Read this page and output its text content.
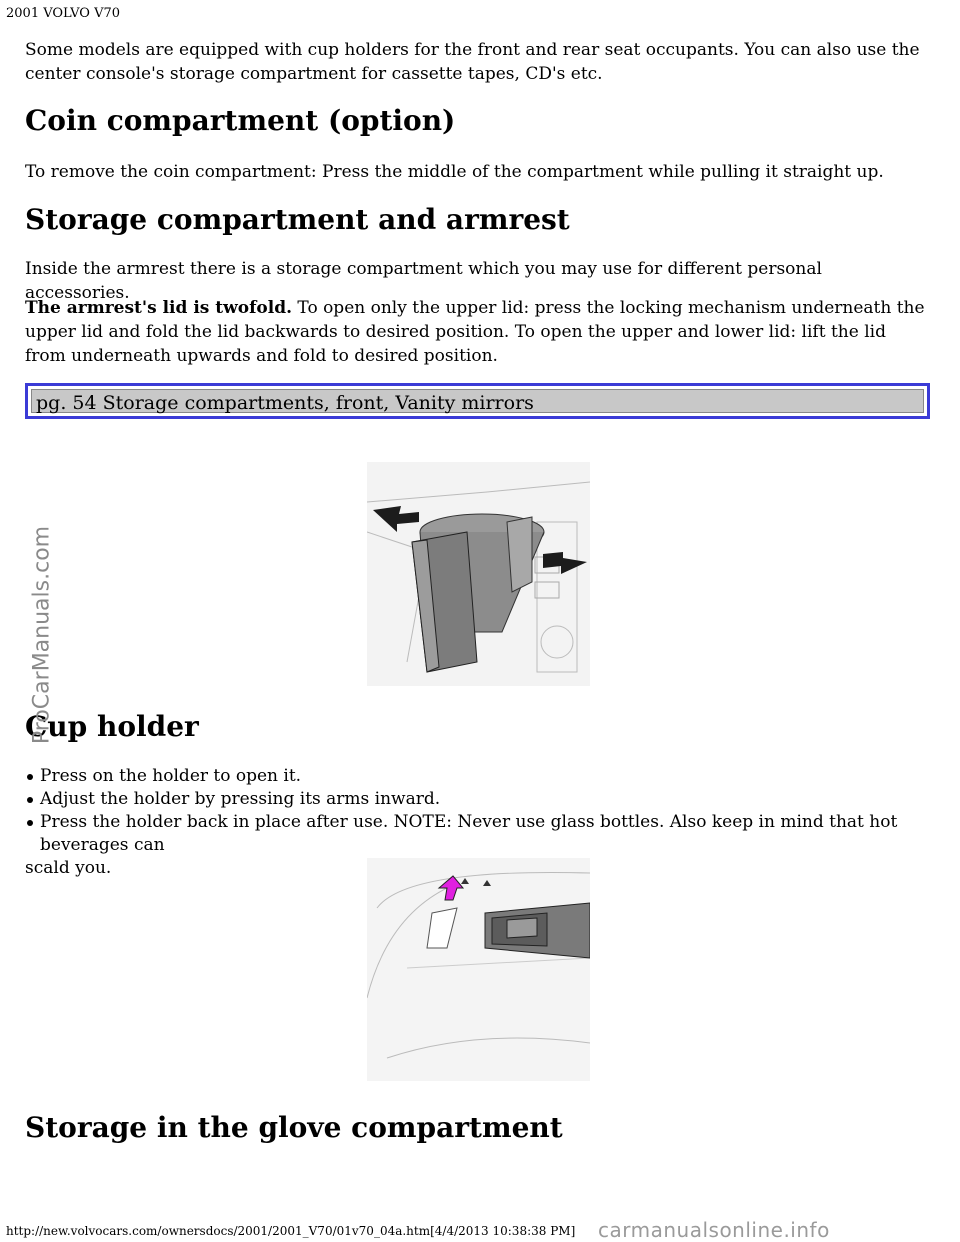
2001 VOLVO V70

Some models are equipped with cup holders for the front and rear seat occupants. You can also use the center console's storage compartment for cassette tapes, CD's etc.

Coin compartment (option)

To remove the coin compartment: Press the middle of the compartment while pulling it straight up.

Storage compartment and armrest

Inside the armrest there is a storage compartment which you may use for different personal accessories.

The armrest's lid is twofold. To open only the upper lid: press the locking mechanism underneath the upper lid and fold the lid backwards to desired position. To open the upper and lower lid: lift the lid from underneath upwards and fold to desired position.

pg. 54 Storage compartments, front, Vanity mirrors
Cup holder
Press on the holder to open it.
Adjust the holder by pressing its arms inward.
Press the holder back in place after use. NOTE: Never use glass bottles. Also keep in mind that hot beverages can
scald you.
Storage in the glove compartment
ProCarManuals.com
http://new.volvocars.com/ownersdocs/2001/2001_V70/01v70_04a.htm[4/4/2013 10:38:38 PM] carmanualsonline.info
